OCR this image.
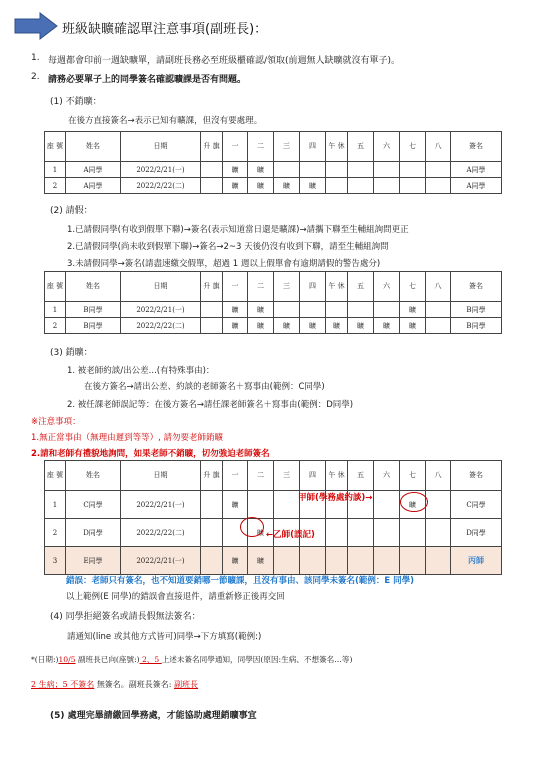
班級缺曠確認單注意事項(副班長)：
1. 每週都會印前一週缺曠單，請副班長務必至班級櫃確認/領取(前週無人缺曠就沒有單子)。
2. 請務必要單子上的同學簽名確認曠課是否有問題。
(1) 不銷曠：
在後方直接簽名→表示已知有曠課，但沒有要處理。
座 號	姓名	日期	升 旗	一	二	三	四	午 休	五	六	七	八	簽名
1	A同學	2022/2/21(一)		曠	曠								A同學
2	A同學	2022/2/22(二)		曠	曠	曠	曠						A同學
(2) 請假：
1.已請假同學(有收到假單下聯)→簽名(表示知道當日還是曠課)→請攜下聯至生輔組詢問更正
2.已請假同學(尚未收到假單下聯)→簽名→2~3 天後仍沒有收到下聯，請至生輔組詢問
3.未請假同學→簽名(請盡速繳交假單，超過 1 週以上假單會有逾期請假的警告處分)
座 號	姓名	日期	升 旗	一	二	三	四	午 休	五	六	七	八	簽名
1	B同學	2022/2/21(一)		曠	曠						曠		B同學
2	B同學	2022/2/22(二)		曠	曠	曠	曠	曠	曠	曠	曠		B同學
(3) 銷曠：
1. 被老師約談/出公差...(有特殊事由)：
在後方簽名→請出公差、約談的老師簽名＋寫事由(範例：C同學)
2. 被任課老師誤記等：在後方簽名→請任課老師簽名＋寫事由(範例：D同學)
※注意事項：
1.無正當事由（無理由遲到等等）, 請勿要老師銷曠
2.請和老師有禮貌地詢問，如果老師不銷曠，切勿強迫老師簽名
座 號	姓名	日期	升 旗	一	二	三	四	午 休	五	六	七	八	簽名
1	C同學	2022/2/21(一)		曠							曠		C同學
2	D同學	2022/2/22(二)			曠								D同學
3	E同學	2022/2/21(一)		曠	曠								丙師
甲師(學務處約談)→
←乙師(誤記)
錯誤：老師只有簽名，也不知道要銷哪一節曠課，且沒有事由、該同學未簽名(範例：E 同學)
以上範例(E 同學)的錯誤會直接退件，請重新修正後再交回
(4) 同學拒絕簽名或請長假無法簽名：
請通知(line 或其他方式皆可)同學→下方填寫(範例:)
*(日期:)10/5 副班長已向(座號:) 2、5 上述未簽名同學通知，同學因(原因:生病、不想簽名…等)
2 生病；5 不簽名 無簽名。副班長簽名: 副班長
(5) 處理完畢請繳回學務處，才能協助處理銷曠事宜
